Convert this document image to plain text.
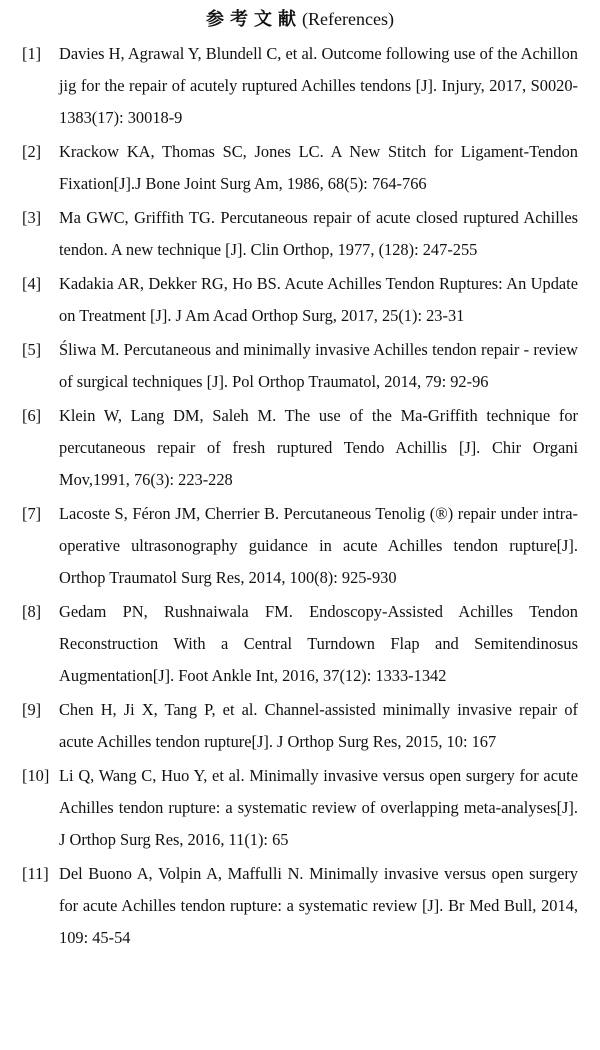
参考文献(References)
[1] Davies H, Agrawal Y, Blundell C, et al. Outcome following use of the Achillon jig for the repair of acutely ruptured Achilles tendons [J]. Injury, 2017, S0020-1383(17): 30018-9
[2] Krackow KA, Thomas SC, Jones LC. A New Stitch for Ligament-Tendon Fixation[J].J Bone Joint Surg Am, 1986, 68(5): 764-766
[3] Ma GWC, Griffith TG. Percutaneous repair of acute closed ruptured Achilles tendon. A new technique [J]. Clin Orthop, 1977, (128): 247-255
[4] Kadakia AR, Dekker RG, Ho BS. Acute Achilles Tendon Ruptures: An Update on Treatment [J]. J Am Acad Orthop Surg, 2017, 25(1): 23-31
[5] Śliwa M. Percutaneous and minimally invasive Achilles tendon repair - review of surgical techniques [J]. Pol Orthop Traumatol, 2014, 79: 92-96
[6] Klein W, Lang DM, Saleh M. The use of the Ma-Griffith technique for percutaneous repair of fresh ruptured Tendo Achillis [J]. Chir Organi Mov,1991, 76(3): 223-228
[7] Lacoste S, Féron JM, Cherrier B. Percutaneous Tenolig (®) repair under intra-operative ultrasonography guidance in acute Achilles tendon rupture[J]. Orthop Traumatol Surg Res, 2014, 100(8): 925-930
[8] Gedam PN, Rushnaiwala FM. Endoscopy-Assisted Achilles Tendon Reconstruction With a Central Turndown Flap and Semitendinosus Augmentation[J]. Foot Ankle Int, 2016, 37(12): 1333-1342
[9] Chen H, Ji X, Tang P, et al. Channel-assisted minimally invasive repair of acute Achilles tendon rupture[J]. J Orthop Surg Res, 2015, 10: 167
[10] Li Q, Wang C, Huo Y, et al. Minimally invasive versus open surgery for acute Achilles tendon rupture: a systematic review of overlapping meta-analyses[J]. J Orthop Surg Res, 2016, 11(1): 65
[11] Del Buono A, Volpin A, Maffulli N. Minimally invasive versus open surgery for acute Achilles tendon rupture: a systematic review [J]. Br Med Bull, 2014, 109: 45-54
